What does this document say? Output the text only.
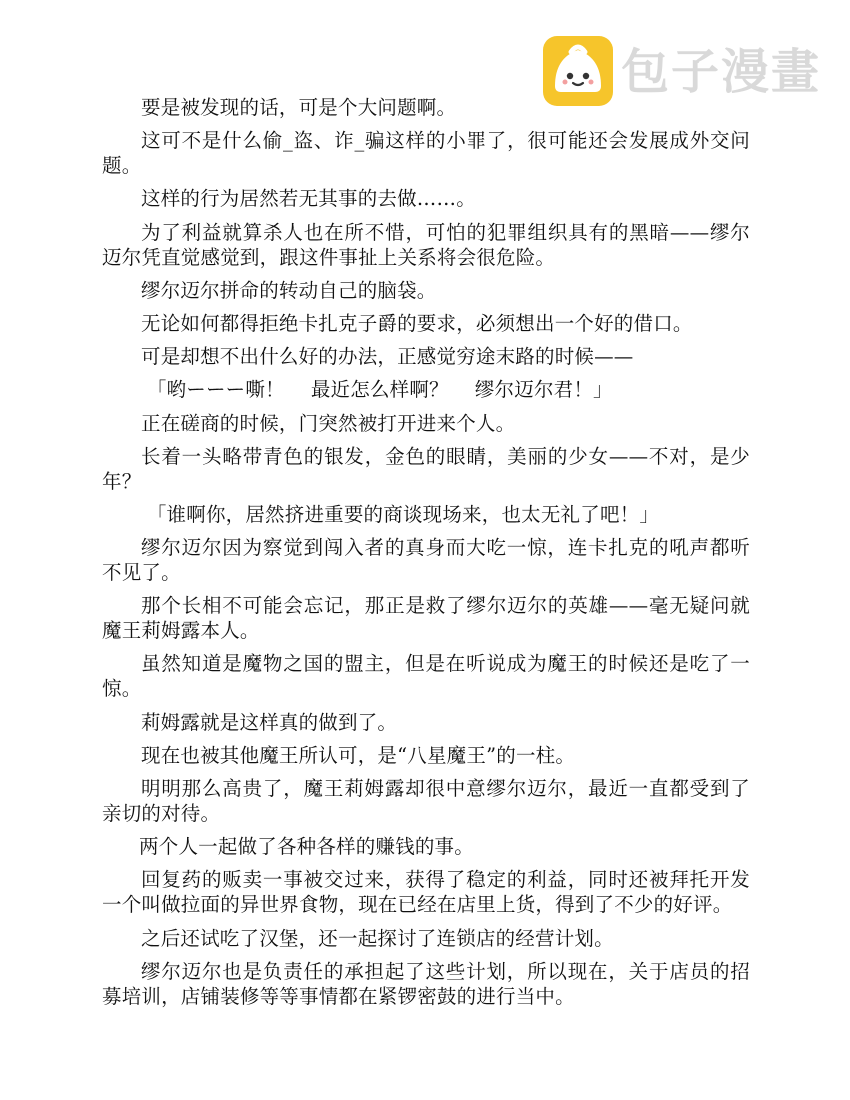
包子漫畫

要是被发现的话，可是个大问题啊。

这可不是什么偷_盗、诈_骗这样的小罪了，很可能还会发展成外交问题。

这样的行为居然若无其事的去做……。

为了利益就算杀人也在所不惜，可怕的犯罪组织具有的黑暗——缪尔迈尔凭直觉感觉到，跟这件事扯上关系将会很危险。

缪尔迈尔拼命的转动自己的脑袋。

无论如何都得拒绝卡扎克子爵的要求，必须想出一个好的借口。

可是却想不出什么好的办法，正感觉穷途末路的时候——

「哟ーーー嘶！　 最近怎么样啊？　 缪尔迈尔君！」

正在磋商的时候，门突然被打开进来个人。

长着一头略带青色的银发，金色的眼睛，美丽的少女——不对，是少年？

「谁啊你，居然挤进重要的商谈现场来，也太无礼了吧！」

缪尔迈尔因为察觉到闯入者的真身而大吃一惊，连卡扎克的吼声都听不见了。

那个长相不可能会忘记，那正是救了缪尔迈尔的英雄——毫无疑问就魔王莉姆露本人。

虽然知道是魔物之国的盟主，但是在听说成为魔王的时候还是吃了一惊。

莉姆露就是这样真的做到了。

现在也被其他魔王所认可，是“八星魔王”的一柱。

明明那么高贵了，魔王莉姆露却很中意缪尔迈尔，最近一直都受到了亲切的对待。

两个人一起做了各种各样的赚钱的事。

回复药的贩卖一事被交过来，获得了稳定的利益，同时还被拜托开发一个叫做拉面的异世界食物，现在已经在店里上货，得到了不少的好评。

之后还试吃了汉堡，还一起探讨了连锁店的经营计划。

缪尔迈尔也是负责任的承担起了这些计划，所以现在，关于店员的招募培训，店铺装修等等事情都在紧锣密鼓的进行当中。
